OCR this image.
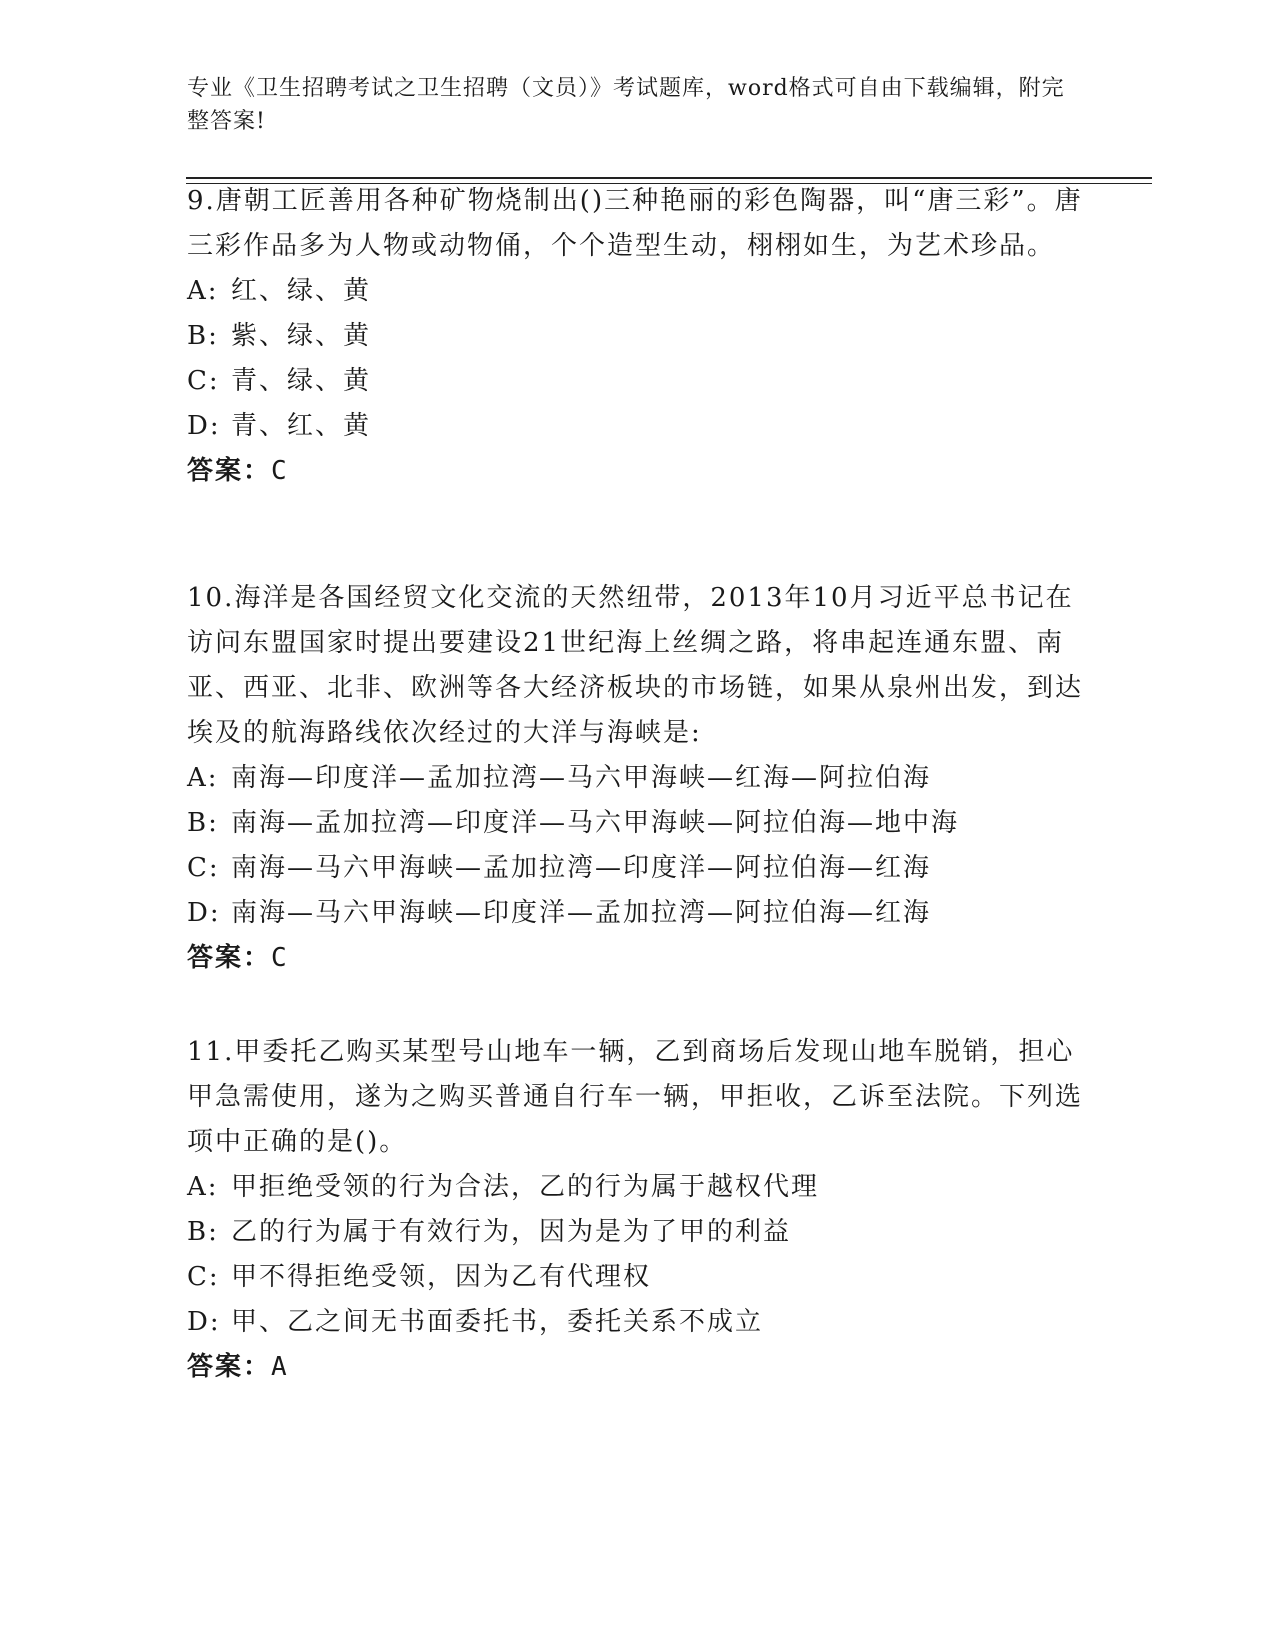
专业《卫生招聘考试之卫生招聘（文员）》考试题库，word格式可自由下载编辑，附完整答案!

9.唐朝工匠善用各种矿物烧制出()三种艳丽的彩色陶器，叫“唐三彩”。唐三彩作品多为人物或动物俑，个个造型生动，栩栩如生，为艺术珍品。

A: 红、绿、黄

B: 紫、绿、黄

C: 青、绿、黄

D: 青、红、黄

答案：C

10.海洋是各国经贸文化交流的天然纽带，2013年10月习近平总书记在访问东盟国家时提出要建设21世纪海上丝绸之路，将串起连通东盟、南亚、西亚、北非、欧洲等各大经济板块的市场链，如果从泉州出发，到达埃及的航海路线依次经过的大洋与海峡是:

A: 南海—印度洋—孟加拉湾—马六甲海峡—红海—阿拉伯海

B: 南海—孟加拉湾—印度洋—马六甲海峡—阿拉伯海—地中海

C: 南海—马六甲海峡—孟加拉湾—印度洋—阿拉伯海—红海

D: 南海—马六甲海峡—印度洋—孟加拉湾—阿拉伯海—红海

答案：C

11.甲委托乙购买某型号山地车一辆，乙到商场后发现山地车脱销，担心甲急需使用，遂为之购买普通自行车一辆，甲拒收，乙诉至法院。下列选项中正确的是()。

A: 甲拒绝受领的行为合法，乙的行为属于越权代理

B: 乙的行为属于有效行为，因为是为了甲的利益

C: 甲不得拒绝受领，因为乙有代理权

D: 甲、乙之间无书面委托书，委托关系不成立

答案：A
